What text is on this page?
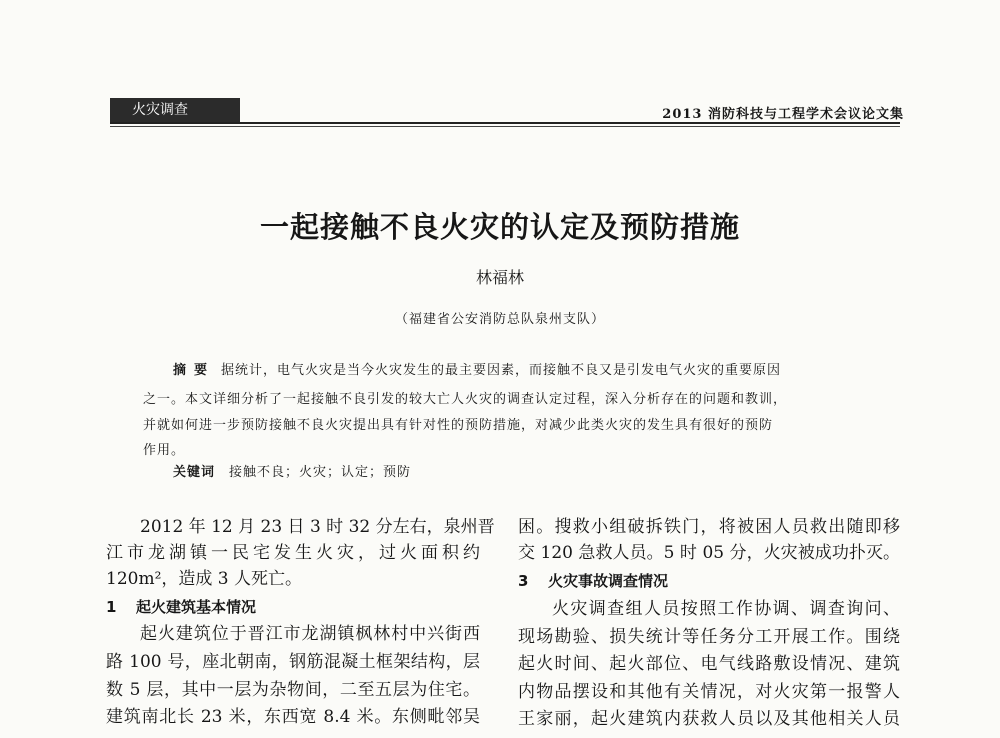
火灾调查	2013 消防科技与工程学术会议论文集
一起接触不良火灾的认定及预防措施
林福林
（福建省公安消防总队泉州支队）
摘要 据统计，电气火灾是当今火灾发生的最主要因素，而接触不良又是引发电气火灾的重要原因
之一。本文详细分析了一起接触不良引发的较大亡人火灾的调查认定过程，深入分析存在的问题和教训，
并就如何进一步预防接触不良火灾提出具有针对性的预防措施，对减少此类火灾的发生具有很好的预防
作用。
关键词 接触不良；火灾；认定；预防
2012 年 12 月 23 日 3 时 32 分左右，泉州晋
江市龙湖镇一民宅发生火灾，过火面积约
120m²，造成 3 人死亡。
1 起火建筑基本情况
起火建筑位于晋江市龙湖镇枫林村中兴街西
路 100 号，座北朝南，钢筋混凝土框架结构，层
数 5 层，其中一层为杂物间，二至五层为住宅。
建筑南北长 23 米，东西宽 8.4 米。东侧毗邻吴
困。搜救小组破拆铁门，将被困人员救出随即移
交 120 急救人员。5 时 05 分，火灾被成功扑灭。
3 火灾事故调查情况
火灾调查组人员按照工作协调、调查询问、
现场勘验、损失统计等任务分工开展工作。围绕
起火时间、起火部位、电气线路敷设情况、建筑
内物品摆设和其他有关情况，对火灾第一报警人
王家丽，起火建筑内获救人员以及其他相关人员
